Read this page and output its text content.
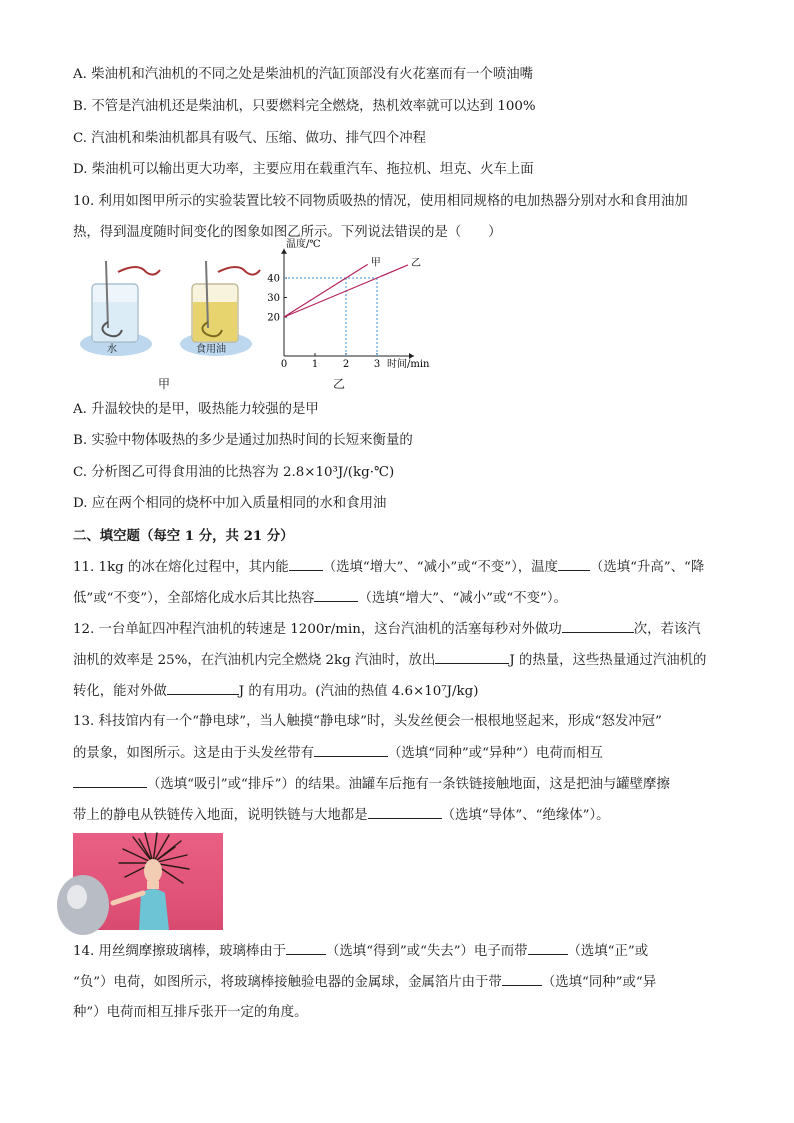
A. 柴油机和汽油机的不同之处是柴油机的汽缸顶部没有火花塞而有一个喷油嘴
B. 不管是汽油机还是柴油机，只要燃料完全燃烧，热机效率就可以达到 100%
C. 汽油机和柴油机都具有吸气、压缩、做功、排气四个冲程
D. 柴油机可以输出更大功率，主要应用在载重汽车、拖拉机、坦克、火车上面
10. 利用如图甲所示的实验装置比较不同物质吸热的情况，使用相同规格的电加热器分别对水和食用油加
热，得到温度随时间变化的图象如图乙所示。下列说法错误的是（　　）
水	食用油
甲
0 1 2 3
20
30
40
温度/℃
时间/min
甲	乙
乙
A. 升温较快的是甲，吸热能力较强的是甲
B. 实验中物体吸热的多少是通过加热时间的长短来衡量的
C. 分析图乙可得食用油的比热容为 2.8×10³J/(kg·℃)
D. 应在两个相同的烧杯中加入质量相同的水和食用油
二、填空题（每空 1 分，共 21 分）
11. 1kg 的冰在熔化过程中，其内能	（选填“增大”、“减小”或“不变”），温度 （选填“升高”、“降
低”或“不变”），全部熔化成水后其比热容	（选填“增大”、“减小”或“不变”）。
12. 一台单缸四冲程汽油机的转速是 1200r/min，这台汽油机的活塞每秒对外做功	次，若该汽
油机的效率是 25%，在汽油机内完全燃烧 2kg 汽油时，放出	J 的热量，这些热量通过汽油机的
转化，能对外做	J 的有用功。(汽油的热值 4.6×10⁷J/kg)
13. 科技馆内有一个“静电球”，当人触摸“静电球”时，头发丝便会一根根地竖起来，形成“怒发冲冠”
的景象，如图所示。这是由于头发丝带有	（选填“同种”或“异种”）电荷而相互
（选填“吸引”或“排斥”）的结果。油罐车后拖有一条铁链接触地面，这是把油与罐壁摩擦
带上的静电从铁链传入地面，说明铁链与大地都是	（选填“导体”、“绝缘体”）。
14. 用丝绸摩擦玻璃棒，玻璃棒由于	（选填“得到”或“失去”）电子而带	（选填“正”或
“负”）电荷，如图所示，将玻璃棒接触验电器的金属球，金属箔片由于带	（选填“同种”或“异
种”）电荷而相互排斥张开一定的角度。
